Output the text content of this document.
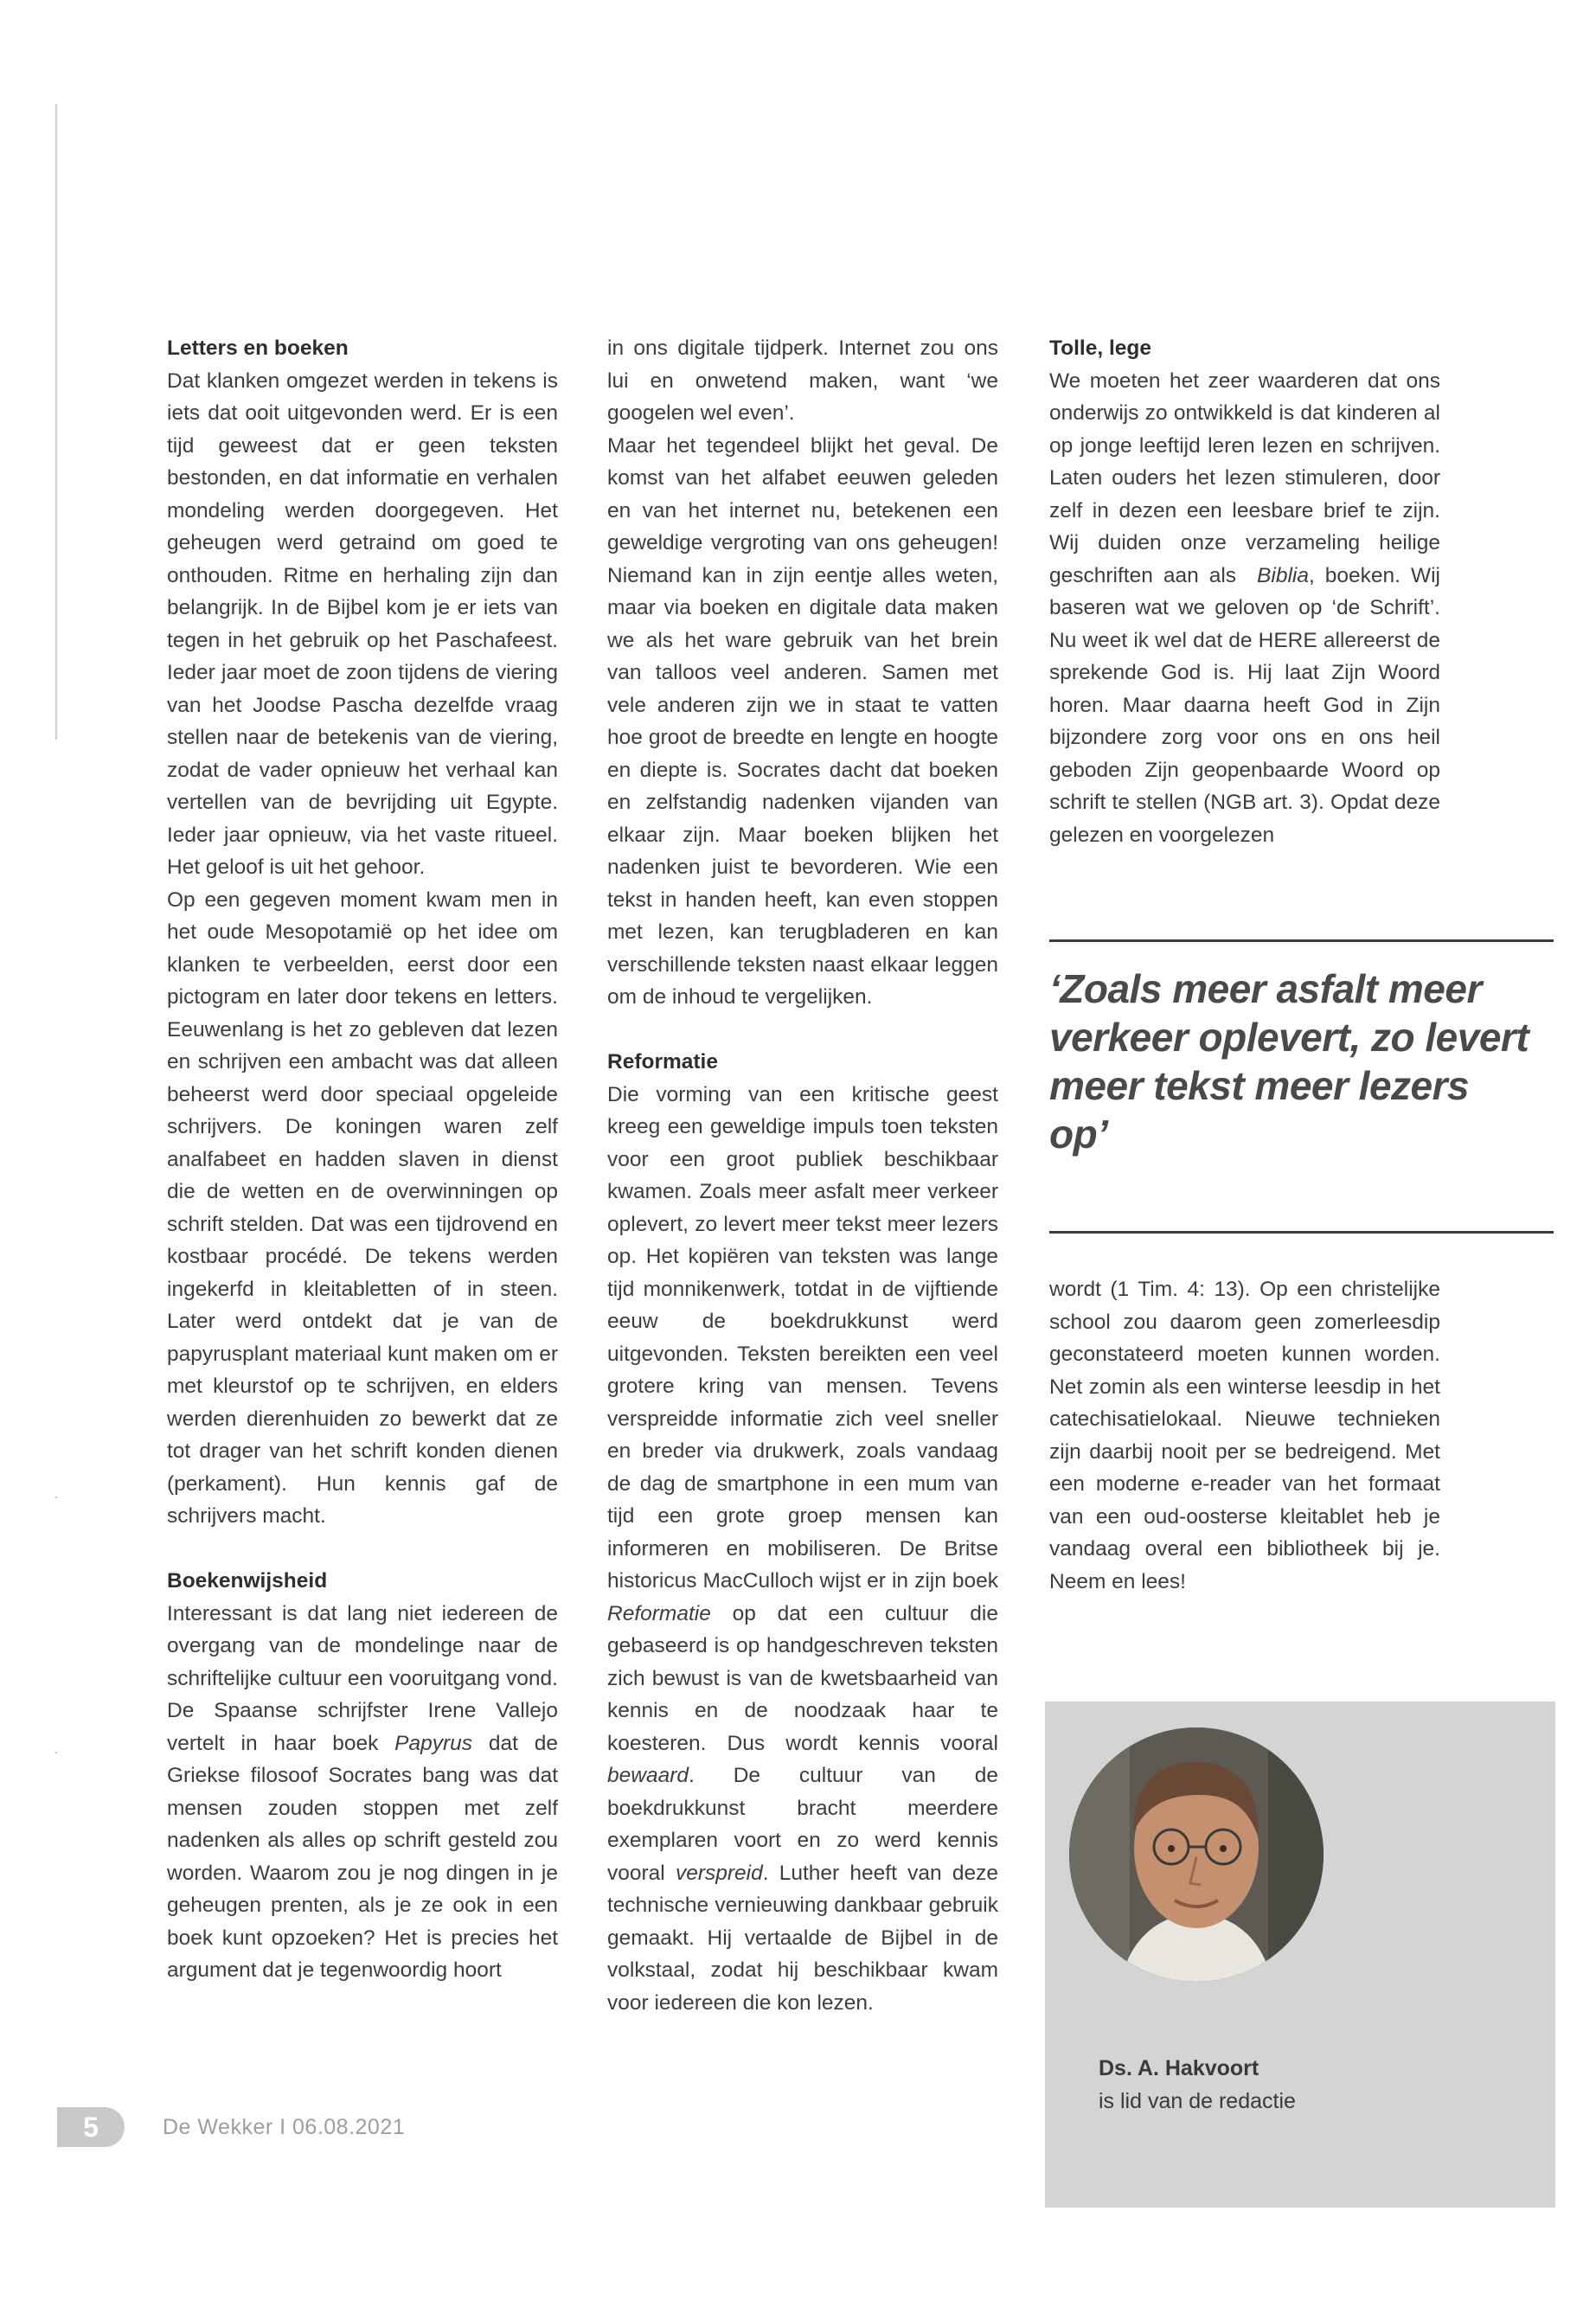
Letters en boeken

Dat klanken omgezet werden in tekens is iets dat ooit uitgevonden werd. Er is een tijd geweest dat er geen teksten bestonden, en dat informatie en verhalen mondeling werden doorgegeven. Het geheugen werd getraind om goed te onthouden. Ritme en herhaling zijn dan belangrijk. In de Bijbel kom je er iets van tegen in het gebruik op het Paschafeest. Ieder jaar moet de zoon tijdens de viering van het Joodse Pascha dezelfde vraag stellen naar de betekenis van de viering, zodat de vader opnieuw het verhaal kan vertellen van de bevrijding uit Egypte. Ieder jaar opnieuw, via het vaste ritueel. Het geloof is uit het gehoor.

Op een gegeven moment kwam men in het oude Mesopotamië op het idee om klanken te verbeelden, eerst door een pictogram en later door tekens en letters. Eeuwenlang is het zo gebleven dat lezen en schrijven een ambacht was dat alleen beheerst werd door speciaal opgeleide schrijvers. De koningen waren zelf analfabeet en hadden slaven in dienst die de wetten en de overwinningen op schrift stelden. Dat was een tijdrovend en kostbaar procédé. De tekens werden ingekerfd in kleitabletten of in steen. Later werd ontdekt dat je van de papyrusplant materiaal kunt maken om er met kleurstof op te schrijven, en elders werden dierenhuiden zo bewerkt dat ze tot drager van het schrift konden dienen (perkament). Hun kennis gaf de schrijvers macht.

Boekenwijsheid

Interessant is dat lang niet iedereen de overgang van de mondelinge naar de schriftelijke cultuur een vooruitgang vond. De Spaanse schrijfster Irene Vallejo vertelt in haar boek Papyrus dat de Griekse filosoof Socrates bang was dat mensen zouden stoppen met zelf nadenken als alles op schrift gesteld zou worden. Waarom zou je nog dingen in je geheugen prenten, als je ze ook in een boek kunt opzoeken? Het is precies het argument dat je tegenwoordig hoort

in ons digitale tijdperk. Internet zou ons lui en onwetend maken, want ‘we googelen wel even’.

Maar het tegendeel blijkt het geval. De komst van het alfabet eeuwen geleden en van het internet nu, betekenen een geweldige vergroting van ons geheugen! Niemand kan in zijn eentje alles weten, maar via boeken en digitale data maken we als het ware gebruik van het brein van talloos veel anderen. Samen met vele anderen zijn we in staat te vatten hoe groot de breedte en lengte en hoogte en diepte is. Socrates dacht dat boeken en zelfstandig nadenken vijanden van elkaar zijn. Maar boeken blijken het nadenken juist te bevorderen. Wie een tekst in handen heeft, kan even stoppen met lezen, kan terugbladeren en kan verschillende teksten naast elkaar leggen om de inhoud te vergelijken.

Reformatie

Die vorming van een kritische geest kreeg een geweldige impuls toen teksten voor een groot publiek beschikbaar kwamen. Zoals meer asfalt meer verkeer oplevert, zo levert meer tekst meer lezers op. Het kopiëren van teksten was lange tijd monnikenwerk, totdat in de vijftiende eeuw de boekdrukkunst werd uitgevonden. Teksten bereikten een veel grotere kring van mensen. Tevens verspreidde informatie zich veel sneller en breder via drukwerk, zoals vandaag de dag de smartphone in een mum van tijd een grote groep mensen kan informeren en mobiliseren. De Britse historicus MacCulloch wijst er in zijn boek Reformatie op dat een cultuur die gebaseerd is op handgeschreven teksten zich bewust is van de kwetsbaarheid van kennis en de noodzaak haar te koesteren. Dus wordt kennis vooral bewaard. De cultuur van de boekdrukkunst bracht meerdere exemplaren voort en zo werd kennis vooral verspreid. Luther heeft van deze technische vernieuwing dankbaar gebruik gemaakt. Hij vertaalde de Bijbel in de volkstaal, zodat hij beschikbaar kwam voor iedereen die kon lezen.

Tolle, lege

We moeten het zeer waarderen dat ons onderwijs zo ontwikkeld is dat kinderen al op jonge leeftijd leren lezen en schrijven. Laten ouders het lezen stimuleren, door zelf in dezen een leesbare brief te zijn. Wij duiden onze verzameling heilige geschriften aan als  Biblia, boeken. Wij baseren wat we geloven op ‘de Schrift’. Nu weet ik wel dat de HERE allereerst de sprekende God is. Hij laat Zijn Woord horen. Maar daarna heeft God in Zijn bijzondere zorg voor ons en ons heil geboden Zijn geopenbaarde Woord op schrift te stellen (NGB art. 3). Opdat deze gelezen en voorgelezen

‘Zoals meer asfalt meer verkeer oplevert, zo levert meer tekst meer lezers op’

wordt (1 Tim. 4: 13). Op een christelijke school zou daarom geen zomerleesdip geconstateerd moeten kunnen worden. Net zomin als een winterse leesdip in het catechisatielokaal. Nieuwe technieken zijn daarbij nooit per se bedreigend. Met een moderne e-reader van het formaat van een oud-oosterse kleitablet heb je vandaag overal een bibliotheek bij je. Neem en lees!

Ds. A. Hakvoort
is lid van de redactie
5	De Wekker I 06.08.2021
